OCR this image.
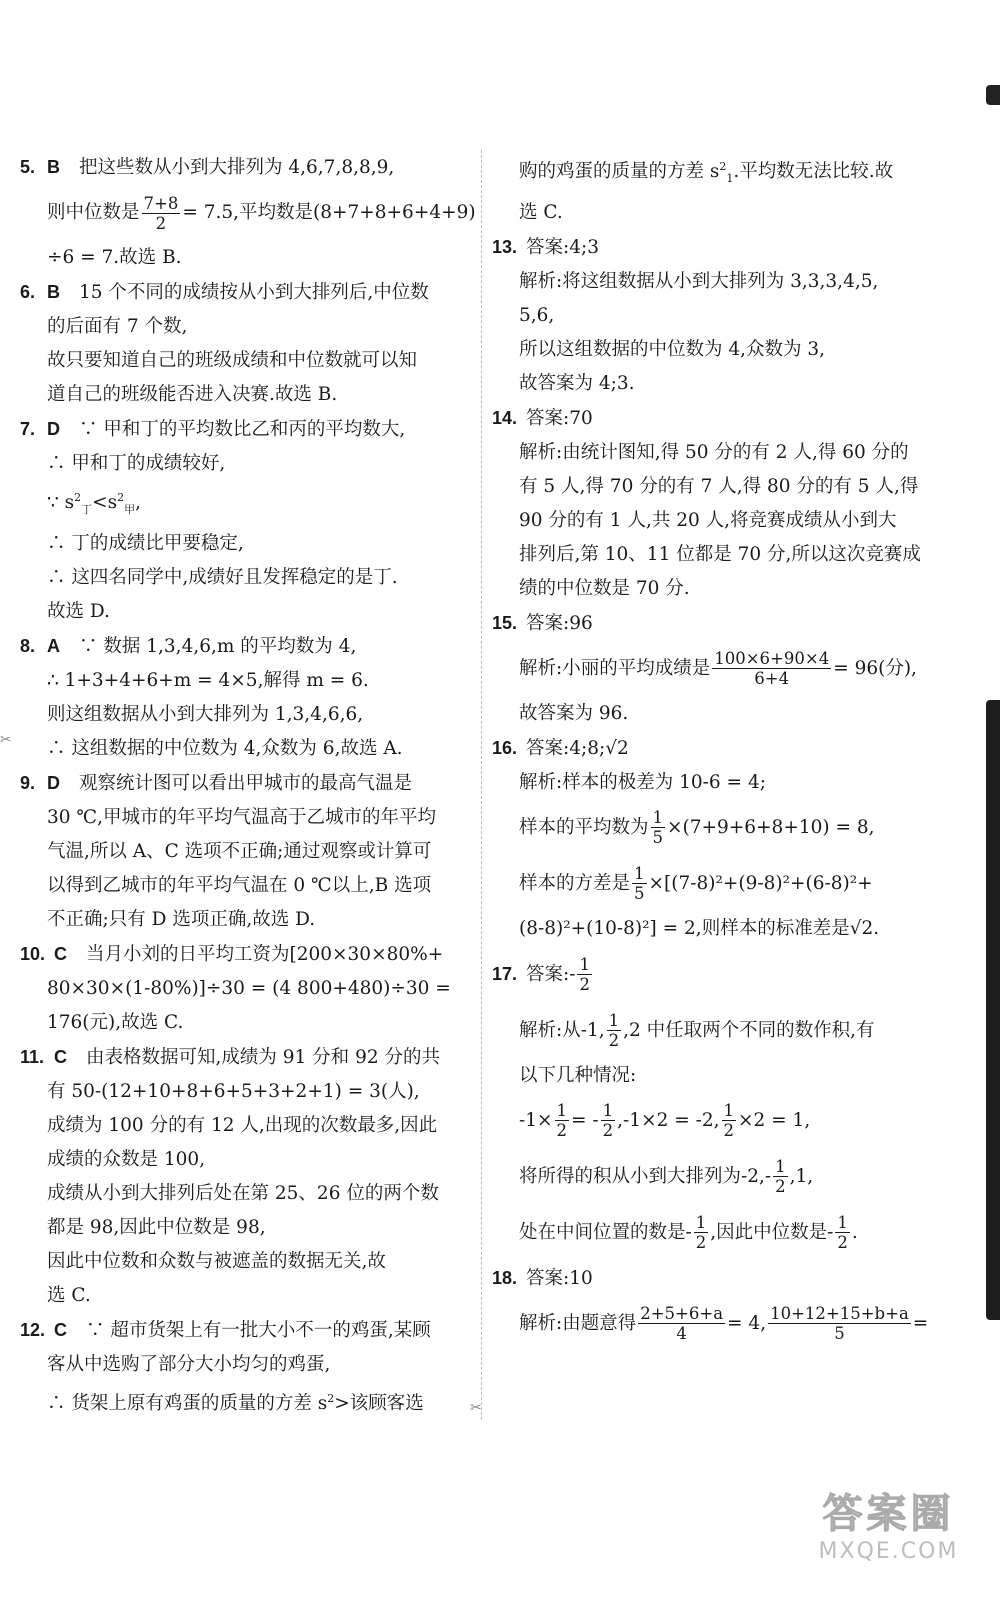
✂
✂
5. B 把这些数从小到大排列为 4,6,7,8,8,9,
则中位数是 $\frac{7+8}{2} = 7.5$,平均数是(8+7+8+6+4+9)
÷6 = 7.故选 B.
6. B 15 个不同的成绩按从小到大排列后,中位数
的后面有 7 个数,
故只要知道自己的班级成绩和中位数就可以知
道自己的班级能否进入决赛.故选 B.
7. D ∵ 甲和丁的平均数比乙和丙的平均数大,
∴ 甲和丁的成绩较好,
∵ $s^2_丁<s^2_甲$,
∴ 丁的成绩比甲要稳定,
∴ 这四名同学中,成绩好且发挥稳定的是丁.
故选 D.
8. A ∵ 数据 1,3,4,6,m 的平均数为 4,
∴ 1+3+4+6+m = 4×5,解得 m = 6.
则这组数据从小到大排列为 1,3,4,6,6,
∴ 这组数据的中位数为 4,众数为 6,故选 A.
9. D 观察统计图可以看出甲城市的最高气温是
30 ℃,甲城市的年平均气温高于乙城市的年平均
气温,所以 A、C 选项不正确;通过观察或计算可
以得到乙城市的年平均气温在 0 ℃以上,B 选项
不正确;只有 D 选项正确,故选 D.
10. C 当月小刘的日平均工资为[200×30×80%+
80×30×(1-80%)]÷30 = (4 800+480)÷30 =
176(元),故选 C.
11. C 由表格数据可知,成绩为 91 分和 92 分的共
有 50-(12+10+8+6+5+3+2+1) = 3(人),
成绩为 100 分的有 12 人,出现的次数最多,因此
成绩的众数是 100,
成绩从小到大排列后处在第 25、26 位的两个数
都是 98,因此中位数是 98,
因此中位数和众数与被遮盖的数据无关,故
选 C.
12. C ∵ 超市货架上有一批大小不一的鸡蛋,某顾
客从中选购了部分大小均匀的鸡蛋,
∴ 货架上原有鸡蛋的质量的方差 $s^2>$该顾客选
购的鸡蛋的质量的方差 $s^2_1$.平均数无法比较.故
选 C.
13. 答案:4;3
解析:将这组数据从小到大排列为 3,3,3,4,5,
5,6,
所以这组数据的中位数为 4,众数为 3,
故答案为 4;3.
14. 答案:70
解析:由统计图知,得 50 分的有 2 人,得 60 分的
有 5 人,得 70 分的有 7 人,得 80 分的有 5 人,得
90 分的有 1 人,共 20 人,将竞赛成绩从小到大
排列后,第 10、11 位都是 70 分,所以这次竞赛成
绩的中位数是 70 分.
15. 答案:96
解析:小丽的平均成绩是 $\frac{100\times 6+90\times 4}{6+4} = 96$(分),
故答案为 96.
16. 答案:4;8;√2
解析:样本的极差为 10-6 = 4;
样本的平均数为 $\frac{1}{5} \times(7+9+6+8+10) = 8$,
样本的方差是 $\frac{1}{5} \times[(7-8)^2+(9-8)^2+(6-8)^2+$
(8-8)²+(10-8)²] = 2,则样本的标准差是√2.
17. 答案:- $\frac{1}{2}$
解析:从-1, $\frac{1}{2} ,2$ 中任取两个不同的数作积,有
以下几种情况:
$-1\times \frac{1}{2}$ = - $\frac{1}{2} ,-1\times 2 = -2$, $\frac{1}{2} \times 2 = 1$,
将所得的积从小到大排列为$-2,- \frac{1}{2} ,1$,
处在中间位置的数是- $\frac{1}{2}$ ,因此中位数是- $\frac{1}{2}$ .
18. 答案:10
解析:由题意得 $\frac{2+5+6+a}{4} = 4$, $\frac{10+12+15+b+a}{5}$ =
答案圈
MXQE.COM
